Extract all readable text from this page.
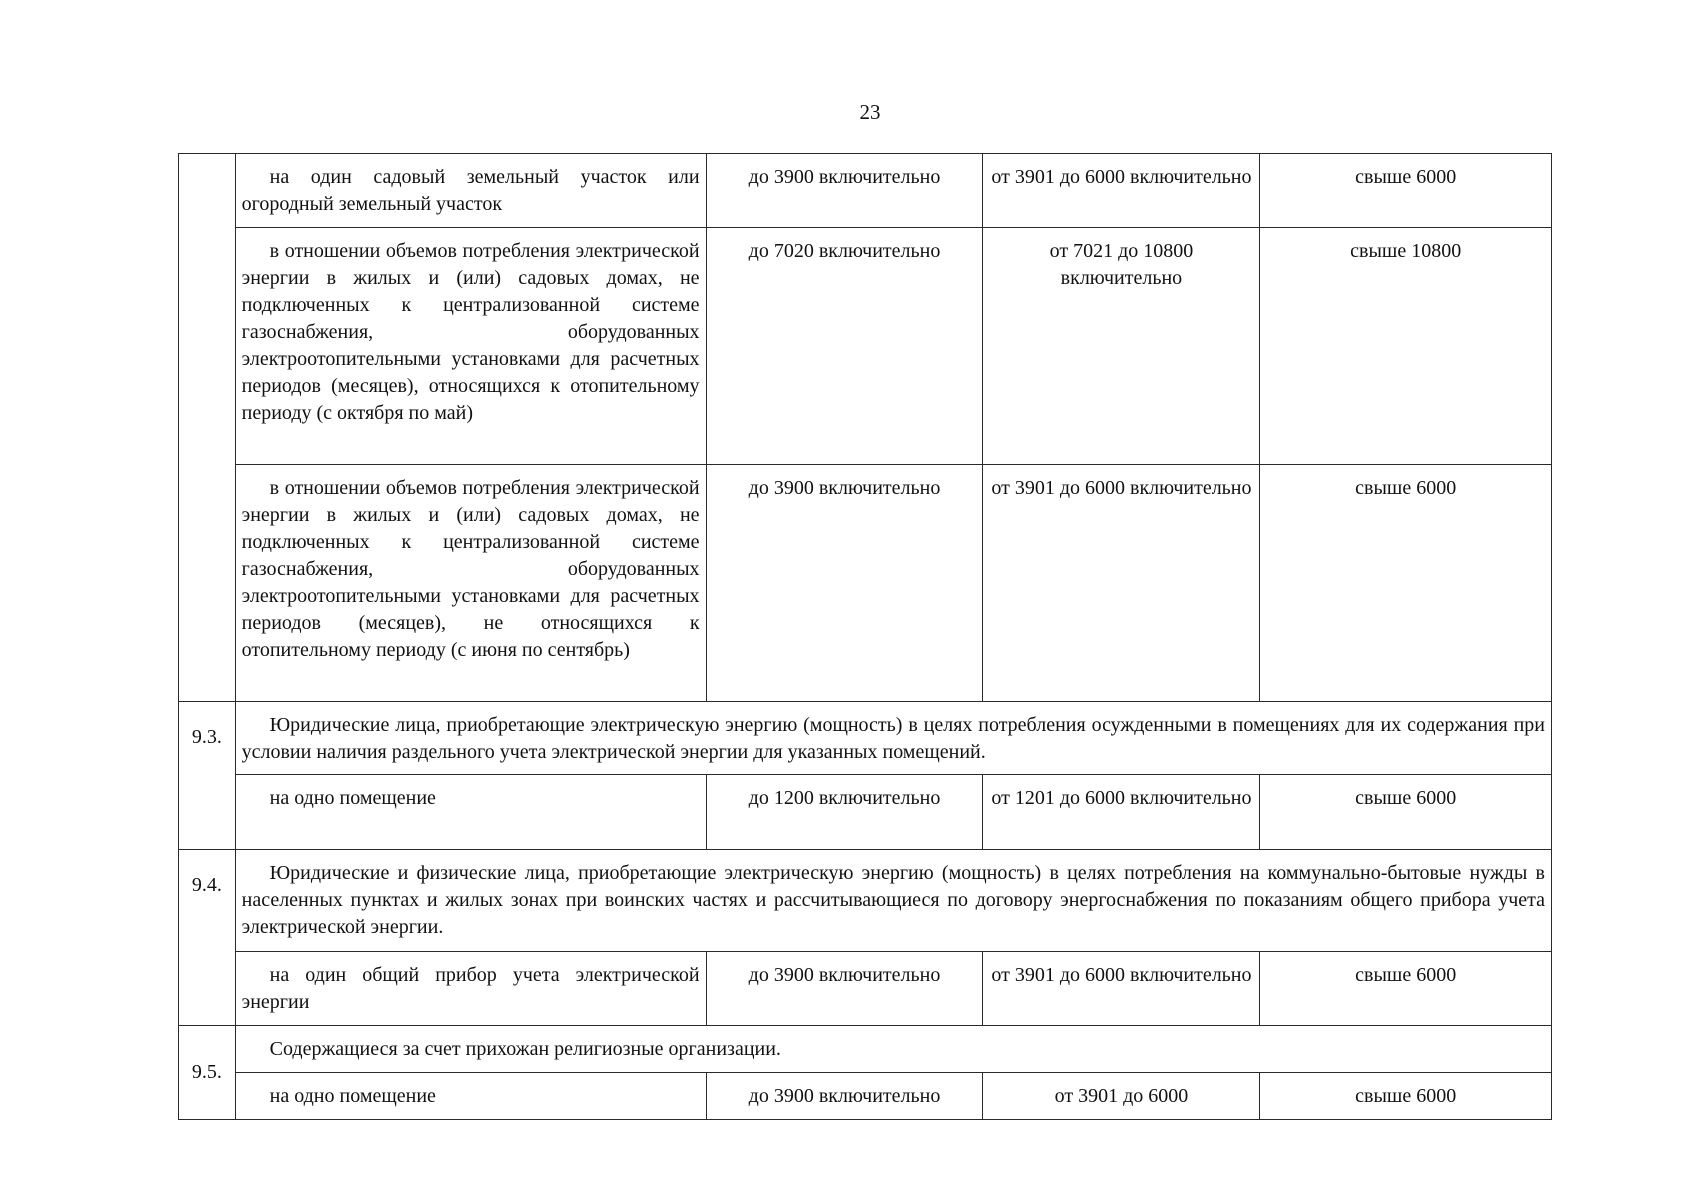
23
	на один садовый земельный участок или огородный земельный участок	до 3900 включительно	от 3901 до 6000 включительно	свыше 6000
	в отношении объемов потребления электрической энергии в жилых и (или) садовых домах, не подключенных к централизованной системе газоснабжения, оборудованных электроотопительными установками для расчетных периодов (месяцев), относящихся к отопительному периоду (с октября по май)	до 7020 включительно	от 7021 до 10800 включительно	свыше 10800
	в отношении объемов потребления электрической энергии в жилых и (или) садовых домах, не подключенных к централизованной системе газоснабжения, оборудованных электроотопительными установками для расчетных периодов (месяцев), не относящихся к отопительному периоду (с июня по сентябрь)	до 3900 включительно	от 3901 до 6000 включительно	свыше 6000
9.3.	Юридические лица, приобретающие электрическую энергию (мощность) в целях потребления осужденными в помещениях для их содержания при условии наличия раздельного учета электрической энергии для указанных помещений.			
	на одно помещение	до 1200 включительно	от 1201 до 6000 включительно	свыше 6000
9.4.	Юридические и физические лица, приобретающие электрическую энергию (мощность) в целях потребления на коммунально-бытовые нужды в населенных пунктах и жилых зонах при воинских частях и рассчитывающиеся по договору энергоснабжения по показаниям общего прибора учета электрической энергии.			
	на один общий прибор учета электрической энергии	до 3900 включительно	от 3901 до 6000 включительно	свыше 6000
9.5.	Содержащиеся за счет прихожан религиозные организации.			
	на одно помещение	до 3900 включительно	от 3901 до 6000	свыше 6000
